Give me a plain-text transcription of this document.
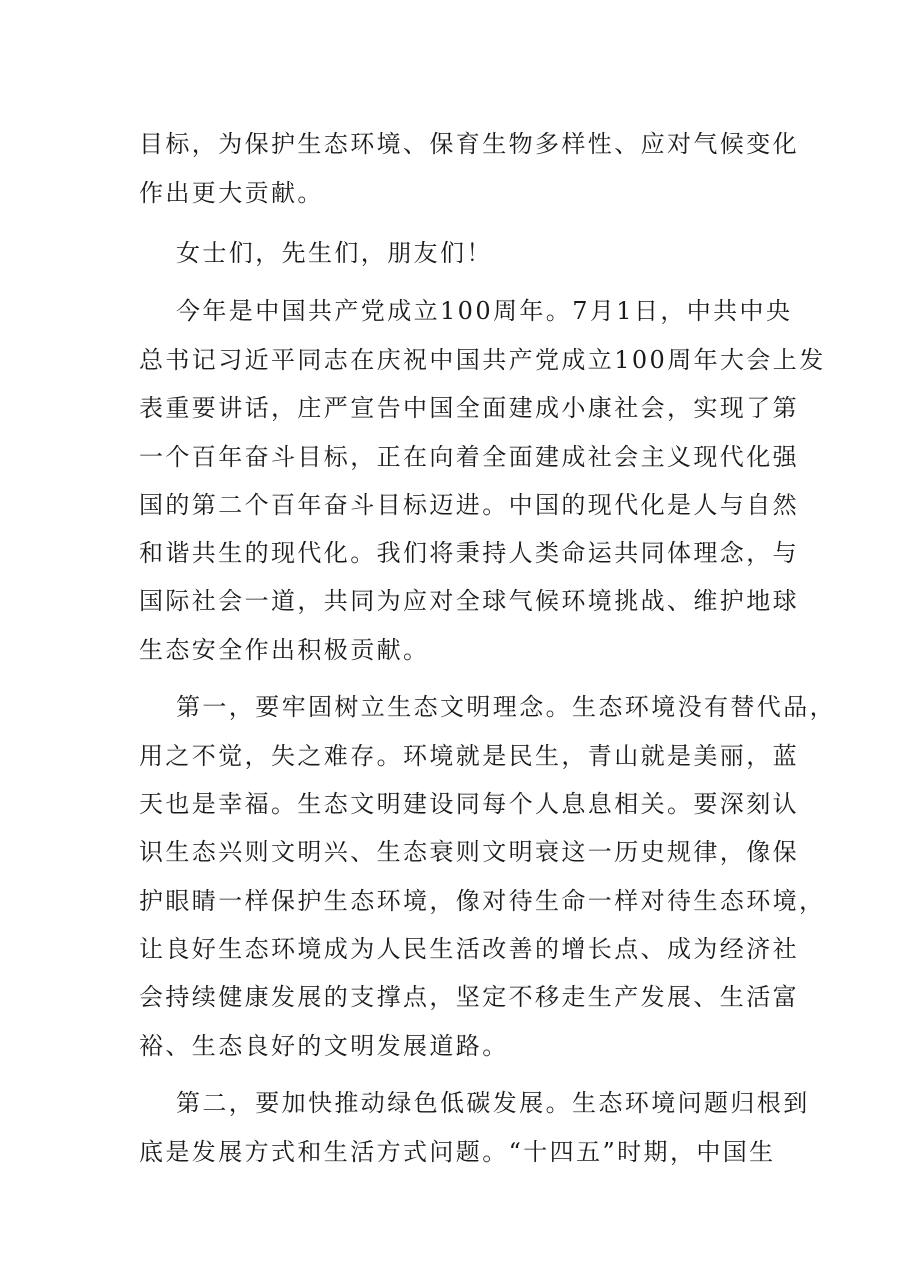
目标，为保护生态环境、保育生物多样性、应对气候变化
作出更大贡献。
女士们，先生们，朋友们！
今年是中国共产党成立100周年。7月1日，中共中央
总书记习近平同志在庆祝中国共产党成立100周年大会上发
表重要讲话，庄严宣告中国全面建成小康社会，实现了第
一个百年奋斗目标，正在向着全面建成社会主义现代化强
国的第二个百年奋斗目标迈进。中国的现代化是人与自然
和谐共生的现代化。我们将秉持人类命运共同体理念，与
国际社会一道，共同为应对全球气候环境挑战、维护地球
生态安全作出积极贡献。
第一，要牢固树立生态文明理念。生态环境没有替代品，
用之不觉，失之难存。环境就是民生，青山就是美丽，蓝
天也是幸福。生态文明建设同每个人息息相关。要深刻认
识生态兴则文明兴、生态衰则文明衰这一历史规律，像保
护眼睛一样保护生态环境，像对待生命一样对待生态环境，
让良好生态环境成为人民生活改善的增长点、成为经济社
会持续健康发展的支撑点，坚定不移走生产发展、生活富
裕、生态良好的文明发展道路。
第二，要加快推动绿色低碳发展。生态环境问题归根到
底是发展方式和生活方式问题。“十四五”时期，中国生
